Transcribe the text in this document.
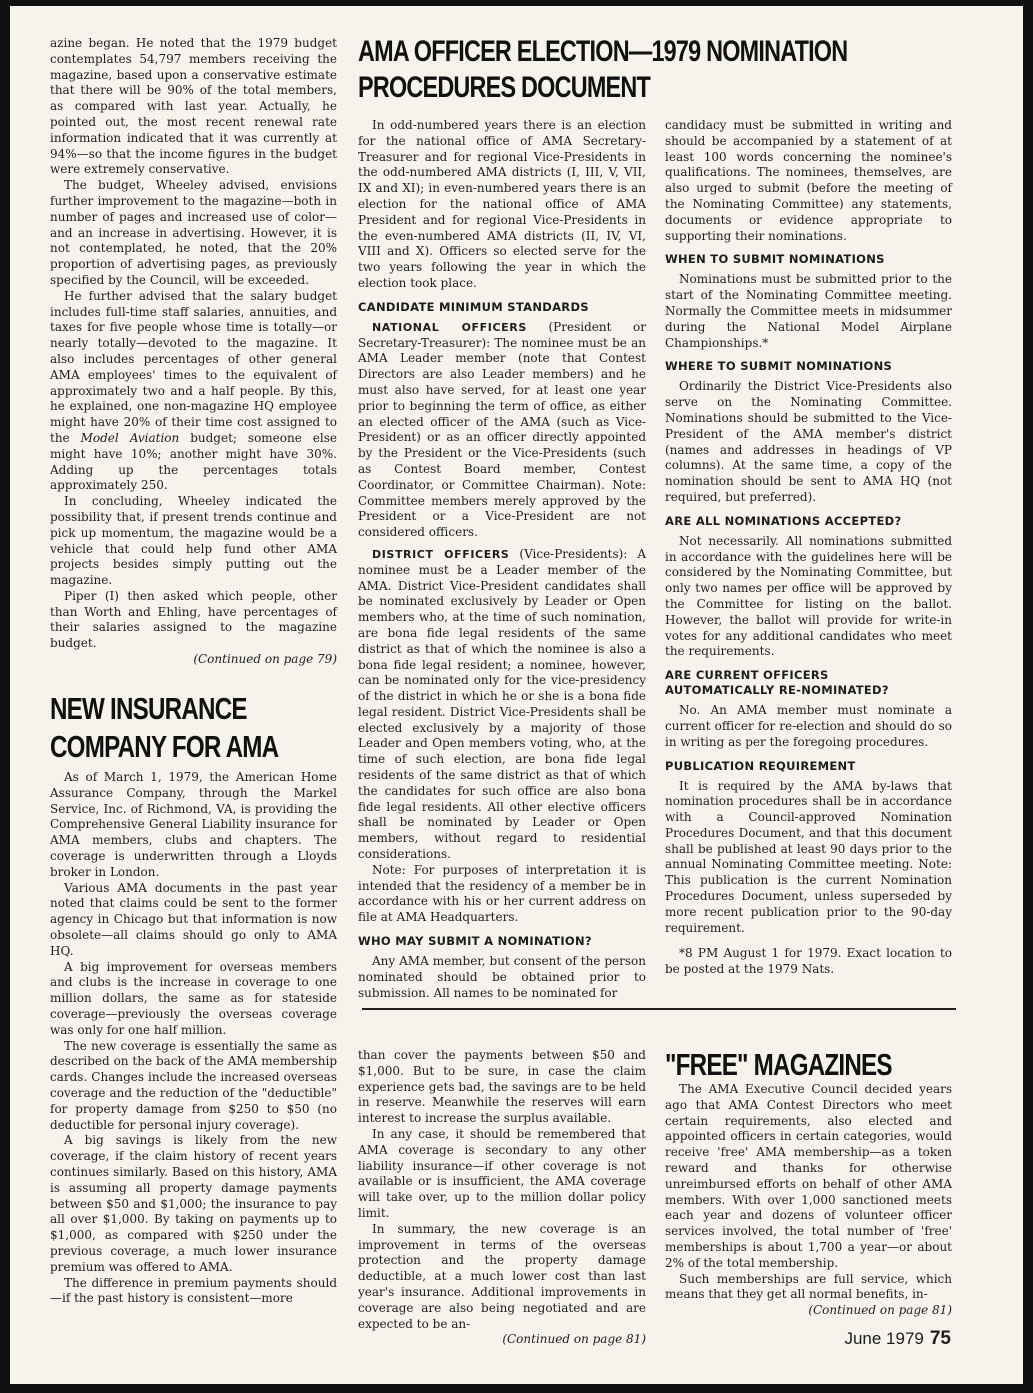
azine began. He noted that the 1979 budget contemplates 54,797 members receiving the magazine, based upon a conservative estimate that there will be 90% of the total members, as compared with last year. Actually, he pointed out, the most recent renewal rate information indicated that it was currently at 94%—so that the income figures in the budget were extremely conservative.

The budget, Wheeley advised, envisions further improvement to the magazine—both in number of pages and increased use of color—and an increase in advertising. However, it is not contemplated, he noted, that the 20% proportion of advertising pages, as previously specified by the Council, will be exceeded.

He further advised that the salary budget includes full-time staff salaries, annuities, and taxes for five people whose time is totally—or nearly totally—devoted to the magazine. It also includes percentages of other general AMA employees' times to the equivalent of approximately two and a half people. By this, he explained, one non-magazine HQ employee might have 20% of their time cost assigned to the Model Aviation budget; someone else might have 10%; another might have 30%. Adding up the percentages totals approximately 250.

In concluding, Wheeley indicated the possibility that, if present trends continue and pick up momentum, the magazine would be a vehicle that could help fund other AMA projects besides simply putting out the magazine.

Piper (I) then asked which people, other than Worth and Ehling, have percentages of their salaries assigned to the magazine budget.

(Continued on page 79)
AMA OFFICER ELECTION—1979 NOMINATION
PROCEDURES DOCUMENT

In odd-numbered years there is an election for the national office of AMA Secretary-Treasurer and for regional Vice-Presidents in the odd-numbered AMA districts (I, III, V, VII, IX and XI); in even-numbered years there is an election for the national office of AMA President and for regional Vice-Presidents in the even-numbered AMA districts (II, IV, VI, VIII and X). Officers so elected serve for the two years following the year in which the election took place.

CANDIDATE MINIMUM STANDARDS

NATIONAL OFFICERS (President or Secretary-Treasurer): The nominee must be an AMA Leader member (note that Contest Directors are also Leader members) and he must also have served, for at least one year prior to beginning the term of office, as either an elected officer of the AMA (such as Vice-President) or as an officer directly appointed by the President or the Vice-Presidents (such as Contest Board member, Contest Coordinator, or Committee Chairman). Note: Committee members merely approved by the President or a Vice-President are not considered officers.

DISTRICT OFFICERS (Vice-Presidents): A nominee must be a Leader member of the AMA. District Vice-President candidates shall be nominated exclusively by Leader or Open members who, at the time of such nomination, are bona fide legal residents of the same district as that of which the nominee is also a bona fide legal resident; a nominee, however, can be nominated only for the vice-presidency of the district in which he or she is a bona fide legal resident. District Vice-Presidents shall be elected exclusively by a majority of those Leader and Open members voting, who, at the time of such election, are bona fide legal residents of the same district as that of which the candidates for such office are also bona fide legal residents. All other elective officers shall be nominated by Leader or Open members, without regard to residential considerations.

Note: For purposes of interpretation it is intended that the residency of a member be in accordance with his or her current address on file at AMA Headquarters.

WHO MAY SUBMIT A NOMINATION?

Any AMA member, but consent of the person nominated should be obtained prior to submission. All names to be nominated for

candidacy must be submitted in writing and should be accompanied by a statement of at least 100 words concerning the nominee's qualifications. The nominees, themselves, are also urged to submit (before the meeting of the Nominating Committee) any statements, documents or evidence appropriate to supporting their nominations.

WHEN TO SUBMIT NOMINATIONS

Nominations must be submitted prior to the start of the Nominating Committee meeting. Normally the Committee meets in midsummer during the National Model Airplane Championships.*

WHERE TO SUBMIT NOMINATIONS

Ordinarily the District Vice-Presidents also serve on the Nominating Committee. Nominations should be submitted to the Vice-President of the AMA member's district (names and addresses in headings of VP columns). At the same time, a copy of the nomination should be sent to AMA HQ (not required, but preferred).

ARE ALL NOMINATIONS ACCEPTED?

Not necessarily. All nominations submitted in accordance with the guidelines here will be considered by the Nominating Committee, but only two names per office will be approved by the Committee for listing on the ballot. However, the ballot will provide for write-in votes for any additional candidates who meet the requirements.

ARE CURRENT OFFICERS
AUTOMATICALLY RE-NOMINATED?

No. An AMA member must nominate a current officer for re-election and should do so in writing as per the foregoing procedures.

PUBLICATION REQUIREMENT

It is required by the AMA by-laws that nomination procedures shall be in accordance with a Council-approved Nomination Procedures Document, and that this document shall be published at least 90 days prior to the annual Nominating Committee meeting. Note: This publication is the current Nomination Procedures Document, unless superseded by more recent publication prior to the 90-day requirement.

*8 PM August 1 for 1979. Exact location to be posted at the 1979 Nats.

NEW INSURANCE COMPANY FOR AMA

As of March 1, 1979, the American Home Assurance Company, through the Markel Service, Inc. of Richmond, VA, is providing the Comprehensive General Liability insurance for AMA members, clubs and chapters. The coverage is underwritten through a Lloyds broker in London.

Various AMA documents in the past year noted that claims could be sent to the former agency in Chicago but that information is now obsolete—all claims should go only to AMA HQ.

A big improvement for overseas members and clubs is the increase in coverage to one million dollars, the same as for stateside coverage—previously the overseas coverage was only for one half million.

The new coverage is essentially the same as described on the back of the AMA membership cards. Changes include the increased overseas coverage and the reduction of the "deductible" for property damage from $250 to $50 (no deductible for personal injury coverage).

A big savings is likely from the new coverage, if the claim history of recent years continues similarly. Based on this history, AMA is assuming all property damage payments between $50 and $1,000; the insurance to pay all over $1,000. By taking on payments up to $1,000, as compared with $250 under the previous coverage, a much lower insurance premium was offered to AMA.

The difference in premium payments should—if the past history is consistent—more

than cover the payments between $50 and $1,000. But to be sure, in case the claim experience gets bad, the savings are to be held in reserve. Meanwhile the reserves will earn interest to increase the surplus available.

In any case, it should be remembered that AMA coverage is secondary to any other liability insurance—if other coverage is not available or is insufficient, the AMA coverage will take over, up to the million dollar policy limit.

In summary, the new coverage is an improvement in terms of the overseas protection and the property damage deductible, at a much lower cost than last year's insurance. Additional improvements in coverage are also being negotiated and are expected to be an-

(Continued on page 81)
"FREE" MAGAZINES

The AMA Executive Council decided years ago that AMA Contest Directors who meet certain requirements, also elected and appointed officers in certain categories, would receive 'free' AMA membership—as a token reward and thanks for otherwise unreimbursed efforts on behalf of other AMA members. With over 1,000 sanctioned meets each year and dozens of volunteer officer services involved, the total number of 'free' memberships is about 1,700 a year—or about 2% of the total membership.

Such memberships are full service, which means that they get all normal benefits, in-

(Continued on page 81)
June 1979 75
